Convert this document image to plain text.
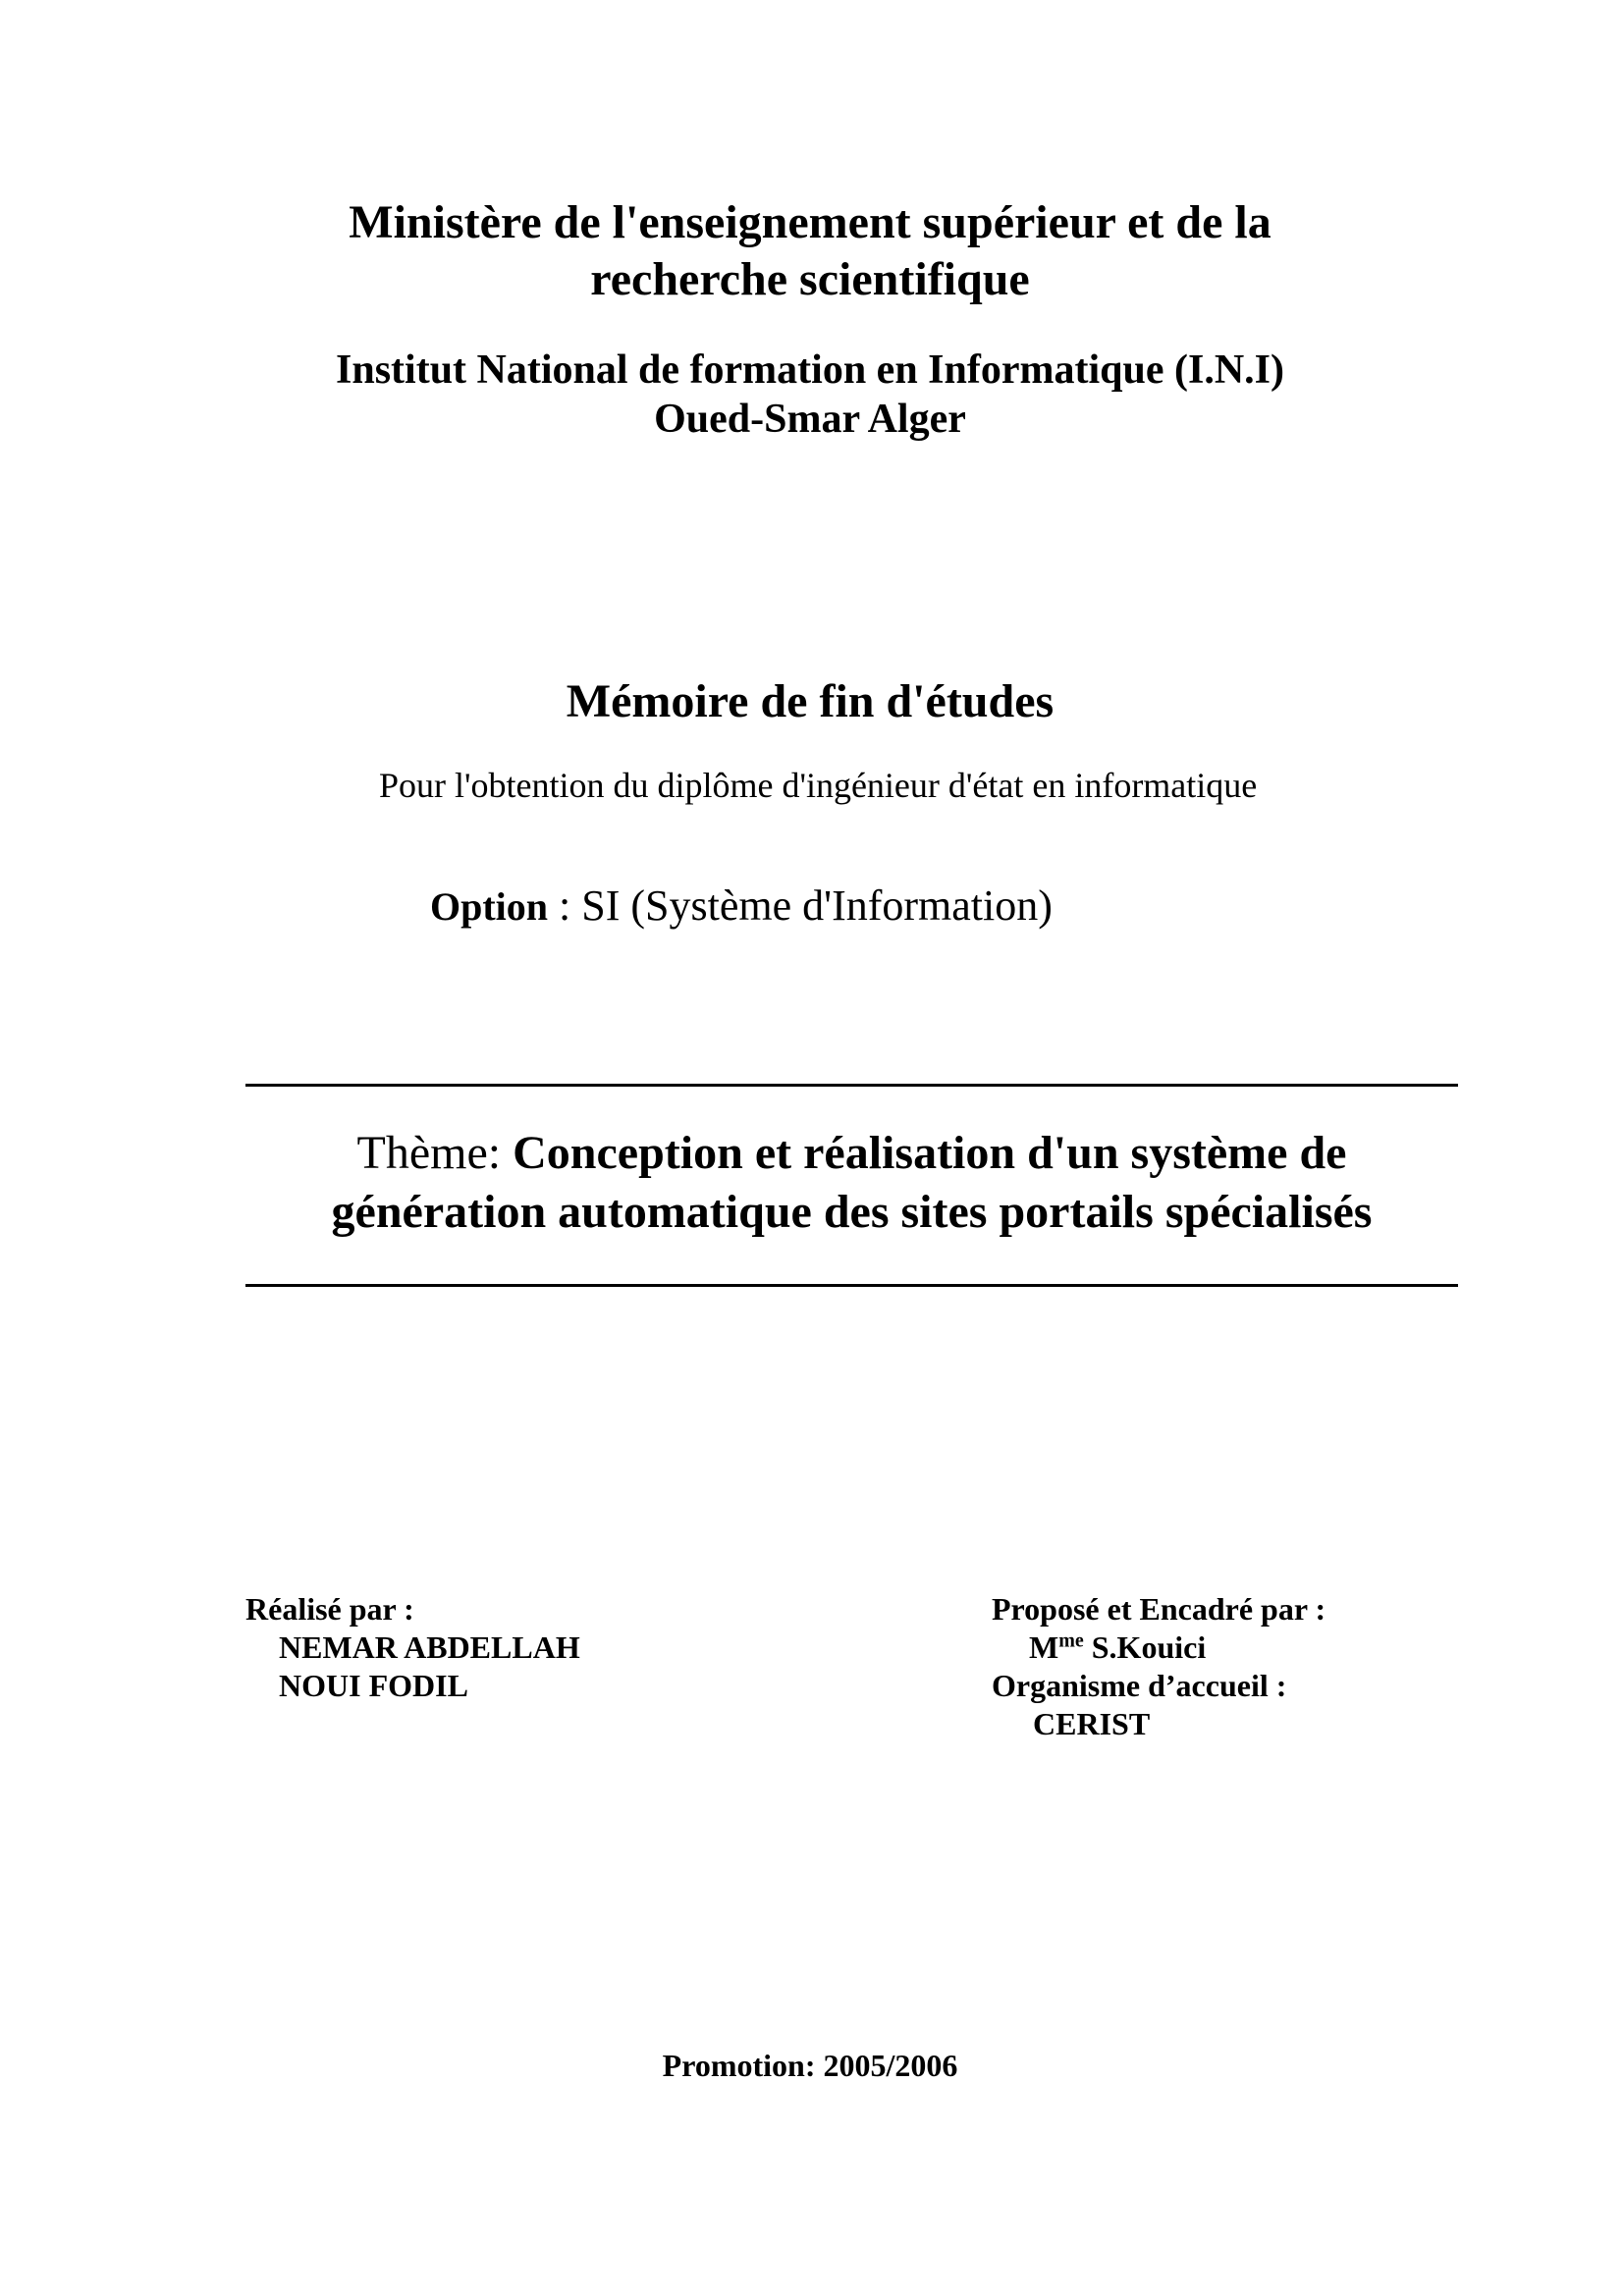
Ministère de l'enseignement supérieur et de la
recherche scientifique
Institut National de formation en Informatique (I.N.I)
Oued-Smar Alger
Mémoire de fin d'études
Pour l'obtention du diplôme d'ingénieur d'état en informatique
Option : SI (Système d'Information)
Thème: Conception et réalisation d'un système de
génération automatique des sites portails spécialisés
Réalisé par :
NEMAR ABDELLAH
NOUI FODIL
Proposé et Encadré par :
$M^{me}$ S.Kouici
Organisme d’accueil :
CERIST
Promotion: 2005/2006
